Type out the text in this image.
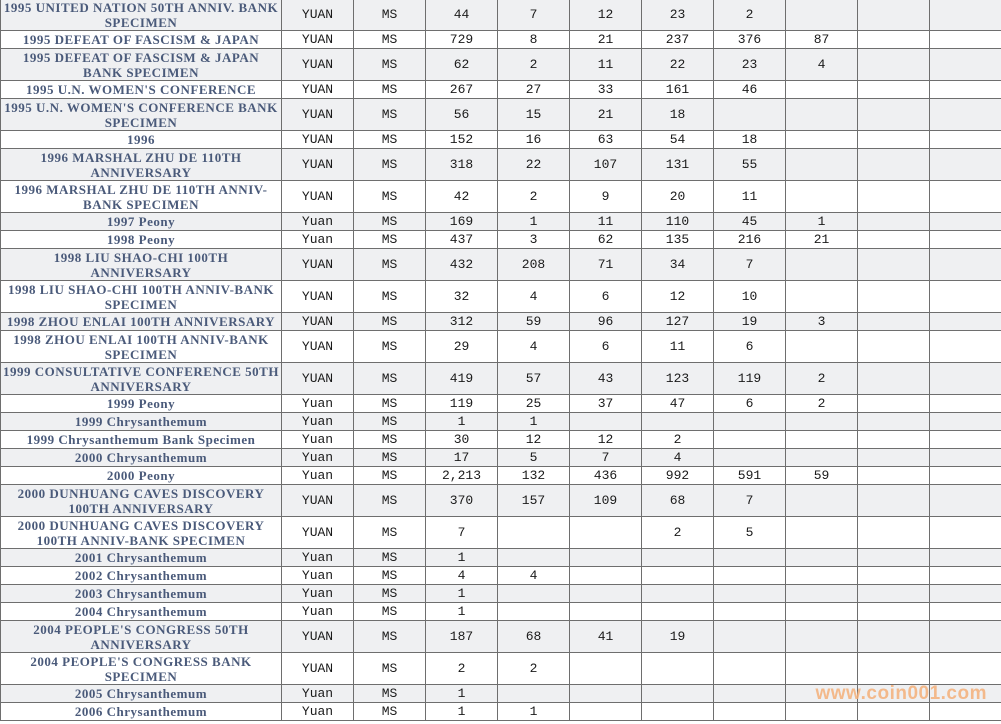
1995 UNITED NATION 50TH ANNIV. BANK SPECIMEN	YUAN	MS	44	7	12	23	2			
1995 DEFEAT OF FASCISM & JAPAN	YUAN	MS	729	8	21	237	376	87		
1995 DEFEAT OF FASCISM & JAPAN BANK SPECIMEN	YUAN	MS	62	2	11	22	23	4		
1995 U.N. WOMEN'S CONFERENCE	YUAN	MS	267	27	33	161	46			
1995 U.N. WOMEN'S CONFERENCE BANK SPECIMEN	YUAN	MS	56	15	21	18				
1996	YUAN	MS	152	16	63	54	18			
1996 MARSHAL ZHU DE 110TH ANNIVERSARY	YUAN	MS	318	22	107	131	55			
1996 MARSHAL ZHU DE 110TH ANNIV-BANK SPECIMEN	YUAN	MS	42	2	9	20	11			
1997 Peony	Yuan	MS	169	1	11	110	45	1		
1998 Peony	Yuan	MS	437	3	62	135	216	21		
1998 LIU SHAO-CHI 100TH ANNIVERSARY	YUAN	MS	432	208	71	34	7			
1998 LIU SHAO-CHI 100TH ANNIV-BANK SPECIMEN	YUAN	MS	32	4	6	12	10			
1998 ZHOU ENLAI 100TH ANNIVERSARY	YUAN	MS	312	59	96	127	19	3		
1998 ZHOU ENLAI 100TH ANNIV-BANK SPECIMEN	YUAN	MS	29	4	6	11	6			
1999 CONSULTATIVE CONFERENCE 50TH ANNIVERSARY	YUAN	MS	419	57	43	123	119	2		
1999 Peony	Yuan	MS	119	25	37	47	6	2		
1999 Chrysanthemum	Yuan	MS	1	1						
1999 Chrysanthemum Bank Specimen	Yuan	MS	30	12	12	2				
2000 Chrysanthemum	Yuan	MS	17	5	7	4				
2000 Peony	Yuan	MS	2,213	132	436	992	591	59		
2000 DUNHUANG CAVES DISCOVERY 100TH ANNIVERSARY	YUAN	MS	370	157	109	68	7			
2000 DUNHUANG CAVES DISCOVERY 100TH ANNIV-BANK SPECIMEN	YUAN	MS	7			2	5			
2001 Chrysanthemum	Yuan	MS	1							
2002 Chrysanthemum	Yuan	MS	4	4						
2003 Chrysanthemum	Yuan	MS	1							
2004 Chrysanthemum	Yuan	MS	1							
2004 PEOPLE'S CONGRESS 50TH ANNIVERSARY	YUAN	MS	187	68	41	19				
2004 PEOPLE'S CONGRESS BANK SPECIMEN	YUAN	MS	2	2						
2005 Chrysanthemum	Yuan	MS	1							
2006 Chrysanthemum	Yuan	MS	1	1						
www.coin001.com
